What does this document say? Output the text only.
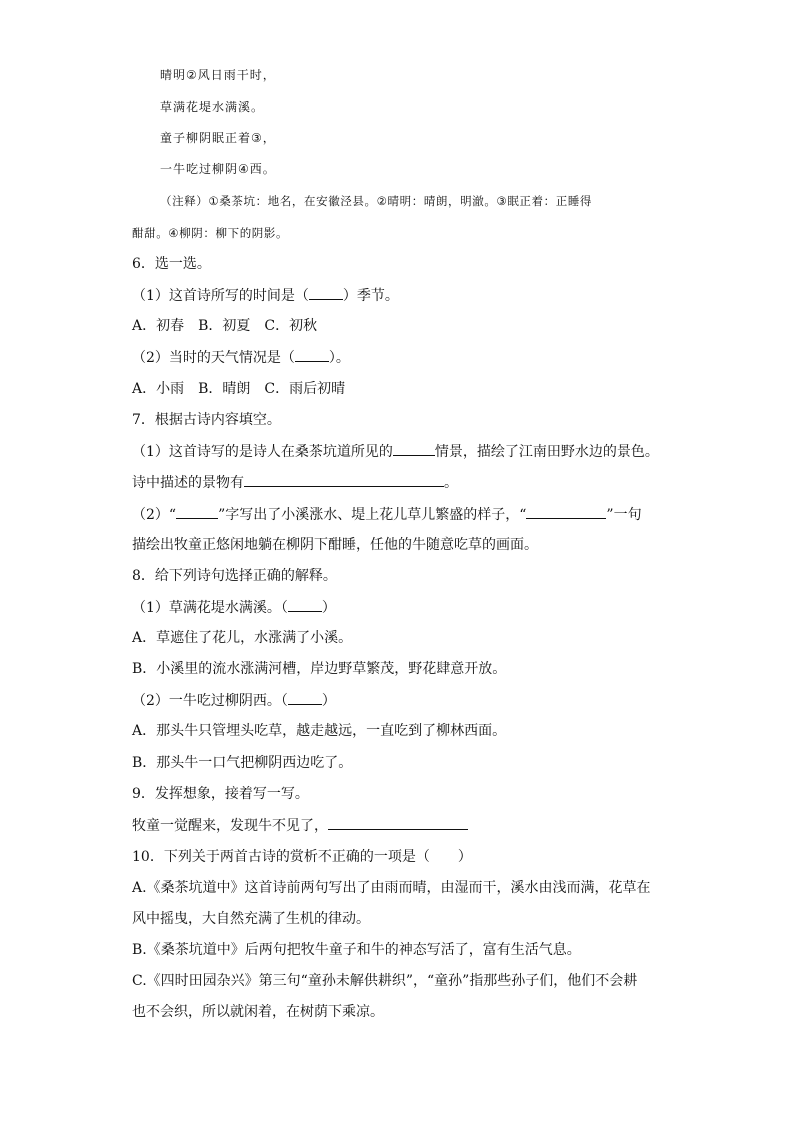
晴明②风日雨干时，
草满花堤水满溪。
童子柳阴眠正着③，
一牛吃过柳阴④西。
（注释）①桑茶坑：地名，在安徽泾县。②晴明：晴朗，明澈。③眠正着：正睡得
酣甜。④柳阴：柳下的阴影。
6．选一选。
（1）这首诗所写的时间是（ ）季节。
A．初春　B．初夏　C．初秋
（2）当时的天气情况是（ ）。
A．小雨　B．晴朗　C．雨后初晴
7．根据古诗内容填空。
（1）这首诗写的是诗人在桑茶坑道所见的	情景，描绘了江南田野水边的景色。
诗中描述的景物有	。
（2）“	”字写出了小溪涨水、堤上花儿草儿繁盛的样子，“	”一句
描绘出牧童正悠闲地躺在柳阴下酣睡，任他的牛随意吃草的画面。
8．给下列诗句选择正确的解释。
（1）草满花堤水满溪。（ ）
A．草遮住了花儿，水涨满了小溪。
B．小溪里的流水涨满河槽，岸边野草繁茂，野花肆意开放。
（2）一牛吃过柳阴西。（ ）
A．那头牛只管埋头吃草，越走越远，一直吃到了柳林西面。
B．那头牛一口气把柳阴西边吃了。
9．发挥想象，接着写一写。
牧童一觉醒来，发现牛不见了，
10．下列关于两首古诗的赏析不正确的一项是（　　）
A.《桑茶坑道中》这首诗前两句写出了由雨而晴，由湿而干，溪水由浅而满，花草在
风中摇曳，大自然充满了生机的律动。
B.《桑茶坑道中》后两句把牧牛童子和牛的神态写活了，富有生活气息。
C.《四时田园杂兴》第三句“童孙未解供耕织”，“童孙”指那些孙子们，他们不会耕
也不会织，所以就闲着，在树荫下乘凉。
